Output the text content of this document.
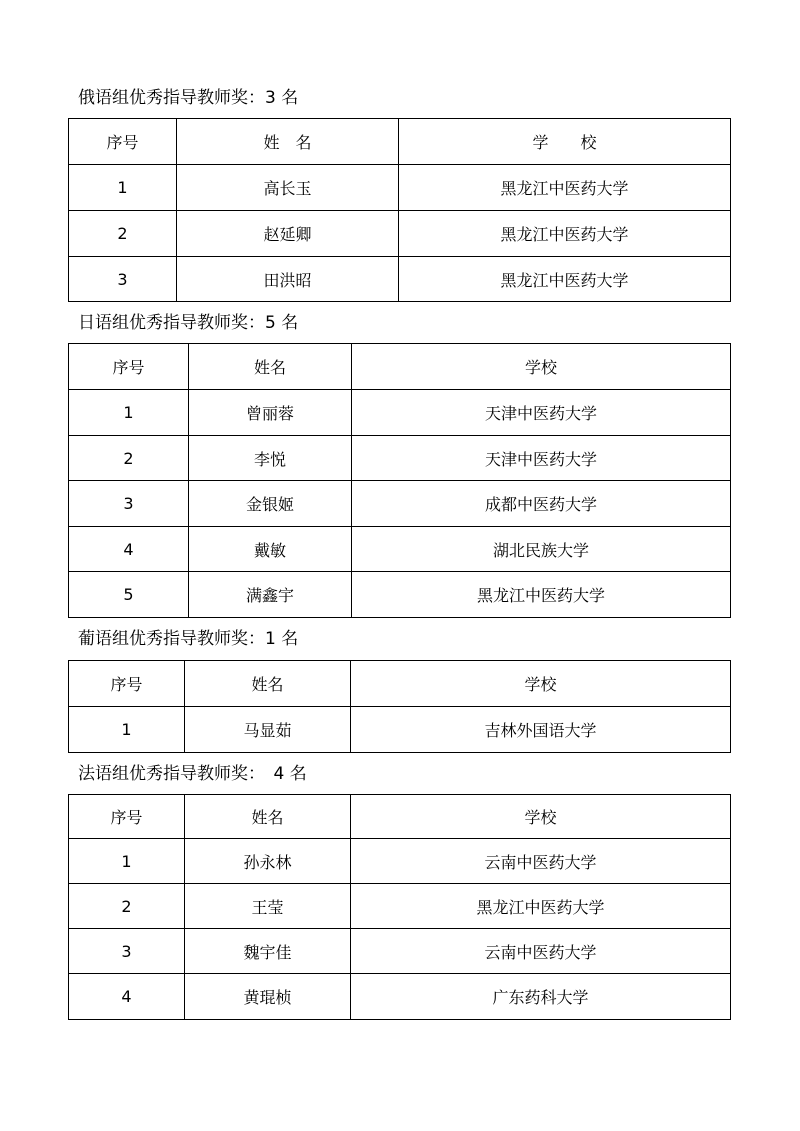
俄语组优秀指导教师奖：3 名
序号	姓　名	学　　校
1	高长玉	黑龙江中医药大学
2	赵延卿	黑龙江中医药大学
3	田洪昭	黑龙江中医药大学
日语组优秀指导教师奖：5 名
序号	姓名	学校
1	曾丽蓉	天津中医药大学
2	李悦	天津中医药大学
3	金银姬	成都中医药大学
4	戴敏	湖北民族大学
5	满鑫宇	黑龙江中医药大学
葡语组优秀指导教师奖：1 名
序号	姓名	学校
1	马显茹	吉林外国语大学
法语组优秀指导教师奖：　4 名
序号	姓名	学校
1	孙永林	云南中医药大学
2	王莹	黑龙江中医药大学
3	魏宇佳	云南中医药大学
4	黄琨桢	广东药科大学
